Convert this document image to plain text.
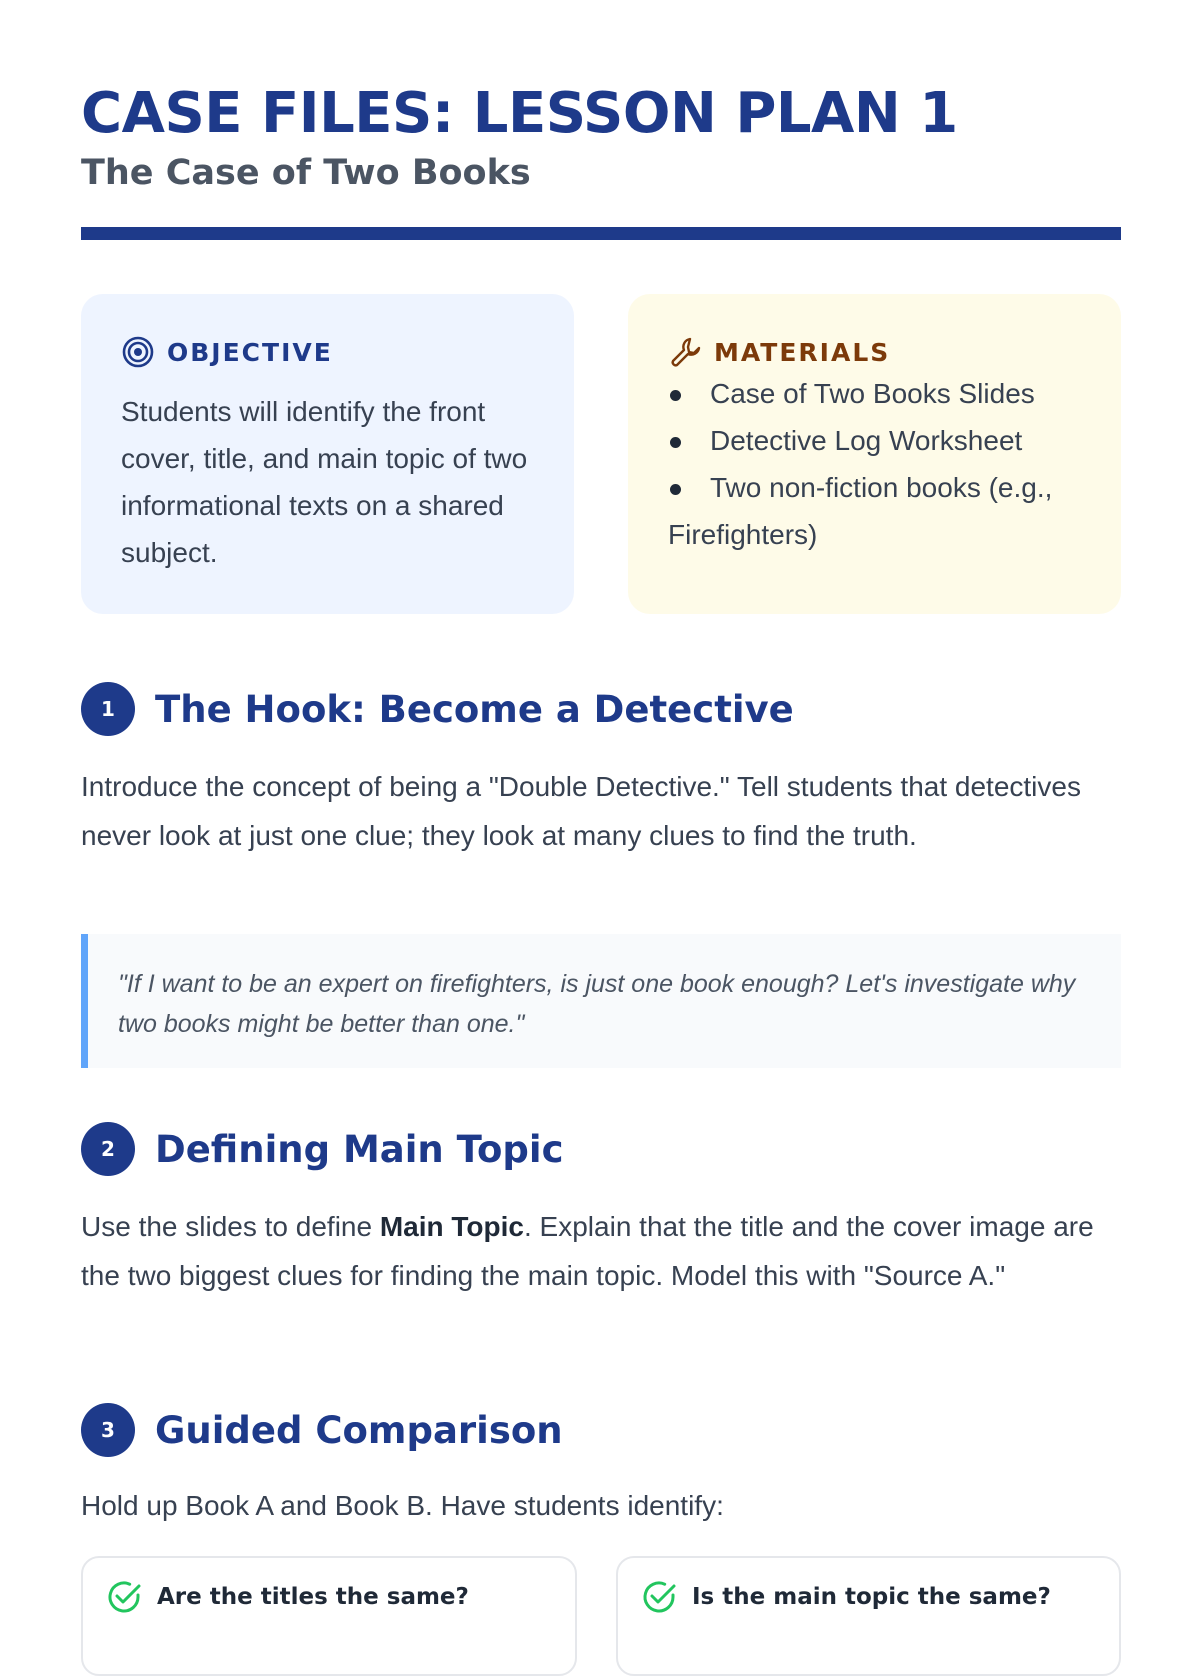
CASE FILES: LESSON PLAN 1
The Case of Two Books
OBJECTIVE
Students will identify the front cover, title, and main topic of two informational texts on a shared subject.
MATERIALS
Case of Two Books Slides
Detective Log Worksheet
Two non-fiction books (e.g., Firefighters)
1	The Hook: Become a Detective

Introduce the concept of being a "Double Detective." Tell students that detectives never look at just one clue; they look at many clues to find the truth.

"If I want to be an expert on firefighters, is just one book enough? Let's investigate why two books might be better than one."
2	Defining Main Topic

Use the slides to define Main Topic. Explain that the title and the cover image are the two biggest clues for finding the main topic. Model this with "Source A."

3	Guided Comparison

Hold up Book A and Book B. Have students identify:

Are the titles the same?	Is the main topic the same?
